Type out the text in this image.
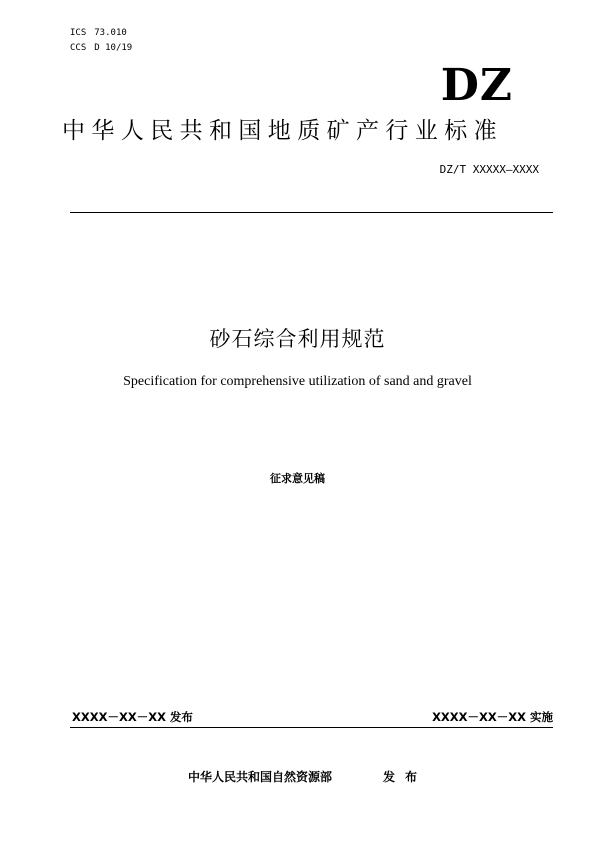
ICS 73.010
CCS D 10/19
DZ
中华人民共和国地质矿产行业标准
DZ/T XXXXX—XXXX
砂石综合利用规范
Specification for comprehensive utilization of sand and gravel
征求意见稿
XXXX－XX－XX 发布	XXXX－XX－XX 实施
中华人民共和国自然资源部	发布
